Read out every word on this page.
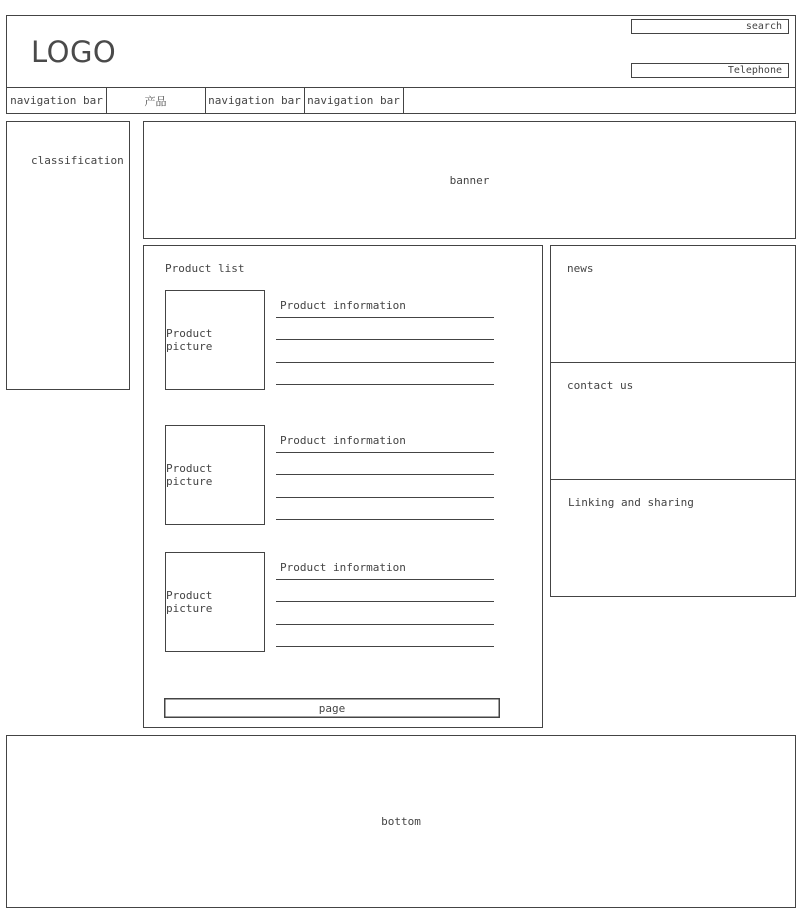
LOGO
search
Telephone
navigation bar	产品	navigation bar navigation bar
classification
banner
Product list
Product picture
Product information
Product picture
Product information
Product picture
Product information
page
news
contact us
Linking and sharing
bottom
